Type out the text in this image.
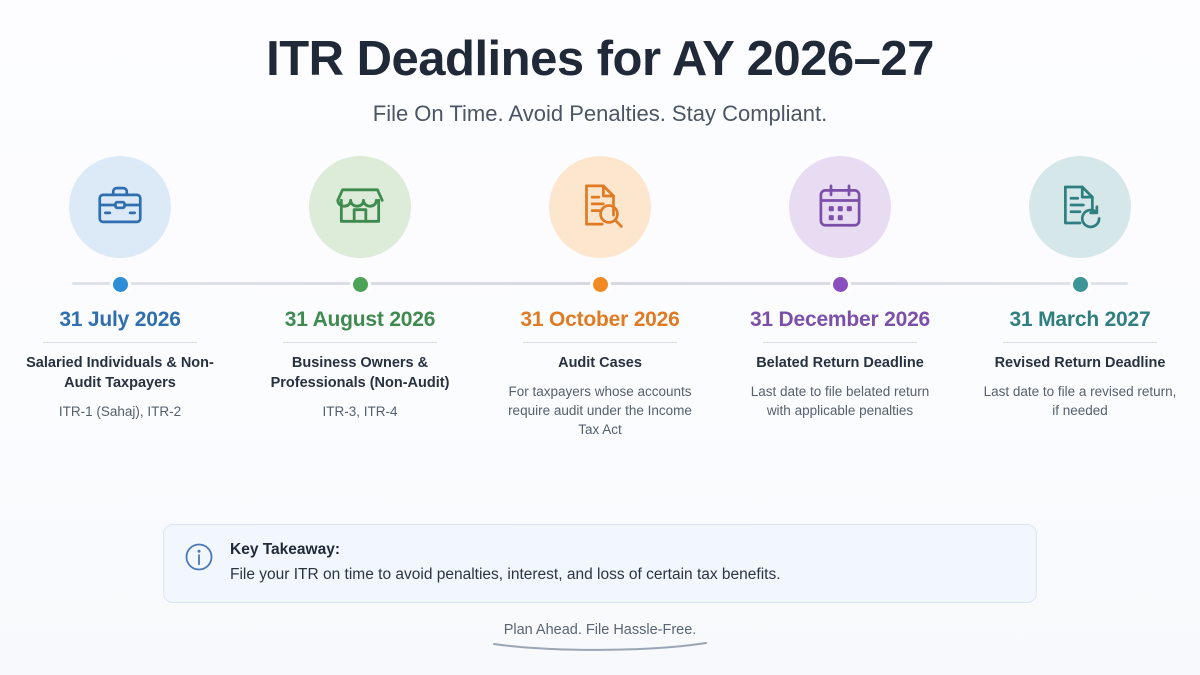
ITR Deadlines for AY 2026–27

File On Time. Avoid Penalties. Stay Compliant.

31 July 2026
Salaried Individuals & Non-Audit Taxpayers
ITR-1 (Sahaj), ITR-2
31 August 2026
Business Owners & Professionals (Non-Audit)
ITR-3, ITR-4
31 October 2026
Audit Cases
For taxpayers whose accounts require audit under the Income Tax Act
31 December 2026
Belated Return Deadline
Last date to file belated return with applicable penalties
31 March 2027
Revised Return Deadline
Last date to file a revised return, if needed
Key Takeaway:
File your ITR on time to avoid penalties, interest, and loss of certain tax benefits.
Plan Ahead. File Hassle-Free.
